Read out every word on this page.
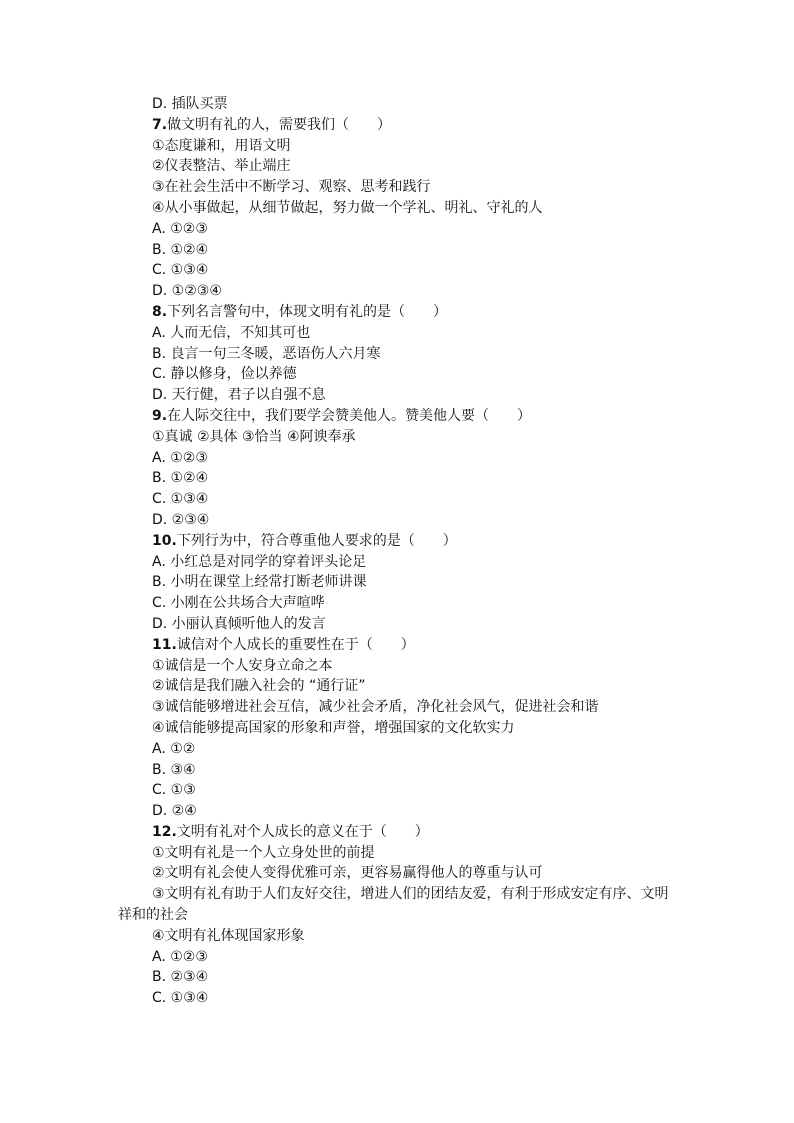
D. 插队买票
7.做文明有礼的人，需要我们（　　）
①态度谦和，用语文明
②仪表整洁、举止端庄
③在社会生活中不断学习、观察、思考和践行
④从小事做起，从细节做起，努力做一个学礼、明礼、守礼的人
A. ①②③
B. ①②④
C. ①③④
D. ①②③④
8.下列名言警句中，体现文明有礼的是（　　）
A. 人而无信，不知其可也
B. 良言一句三冬暖，恶语伤人六月寒
C. 静以修身，俭以养德
D. 天行健，君子以自强不息
9.在人际交往中，我们要学会赞美他人。赞美他人要（　　）
①真诚 ②具体 ③恰当 ④阿谀奉承
A. ①②③
B. ①②④
C. ①③④
D. ②③④
10.下列行为中，符合尊重他人要求的是（　　）
A. 小红总是对同学的穿着评头论足
B. 小明在课堂上经常打断老师讲课
C. 小刚在公共场合大声喧哗
D. 小丽认真倾听他人的发言
11.诚信对个人成长的重要性在于（　　）
①诚信是一个人安身立命之本
②诚信是我们融入社会的 “通行证”
③诚信能够增进社会互信，减少社会矛盾，净化社会风气，促进社会和谐
④诚信能够提高国家的形象和声誉，增强国家的文化软实力
A. ①②
B. ③④
C. ①③
D. ②④
12.文明有礼对个人成长的意义在于（　　）
①文明有礼是一个人立身处世的前提
②文明有礼会使人变得优雅可亲，更容易赢得他人的尊重与认可
③文明有礼有助于人们友好交往，增进人们的团结友爱，有利于形成安定有序、文明祥和的社会
④文明有礼体现国家形象
A. ①②③
B. ②③④
C. ①③④
